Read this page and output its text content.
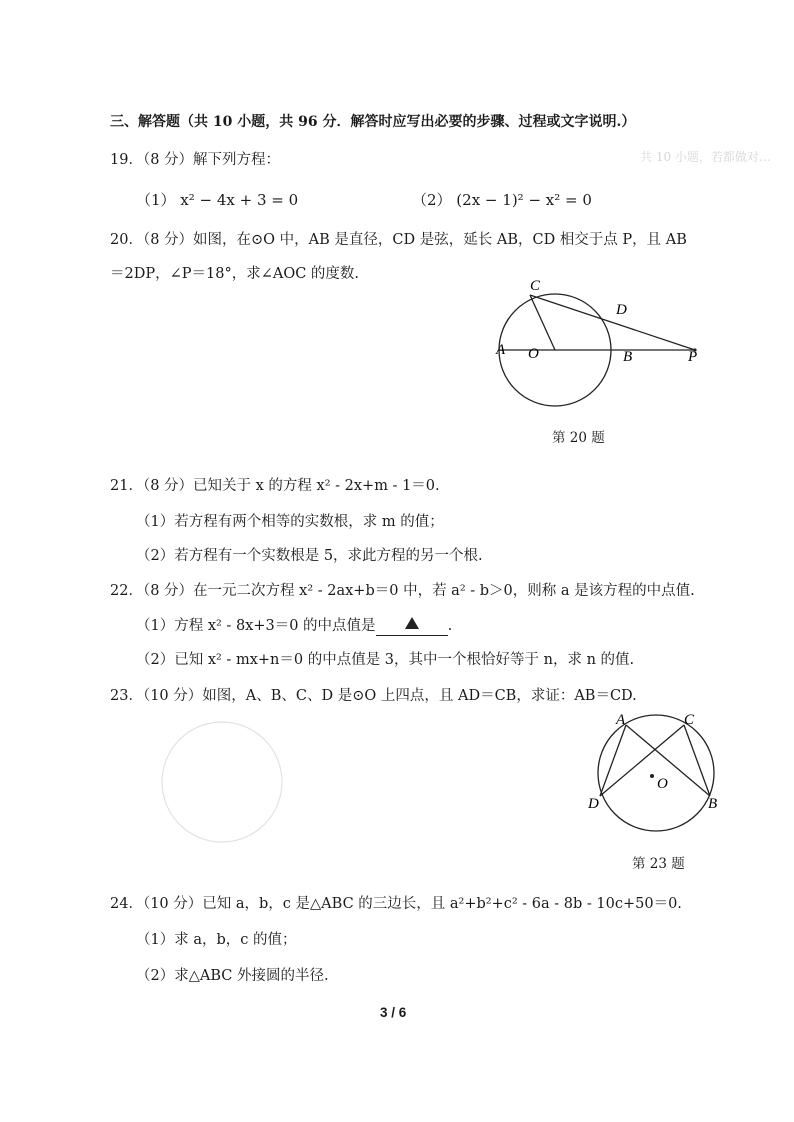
共 10 小题，若都做对…
三、解答题（共 10 小题，共 96 分．解答时应写出必要的步骤、过程或文字说明.）
19．（8 分）解下列方程：
（1） x² − 4x + 3 = 0	（2） (2x − 1)² − x² = 0
20．（8 分）如图，在⊙O 中，AB 是直径，CD 是弦，延长 AB，CD 相交于点 P，且 AB
＝2DP，∠P＝18°，求∠AOC 的度数.
C
D
A O	B	P
第 20 题
21．（8 分）已知关于 x 的方程 x² - 2x+m - 1＝0.
（1）若方程有两个相等的实数根，求 m 的值；
（2）若方程有一个实数根是 5，求此方程的另一个根.
22．（8 分）在一元二次方程 x² - 2ax+b＝0 中，若 a² - b＞0，则称 a 是该方程的中点值.
（1）方程 x² - 8x+3＝0 的中点值是	.
（2）已知 x² - mx+n＝0 的中点值是 3，其中一个根恰好等于 n，求 n 的值.
23．（10 分）如图，A、B、C、D 是⊙O 上四点，且 AD＝CB，求证：AB＝CD.
A	C
O
D	B
第 23 题
24．（10 分）已知 a，b，c 是△ABC 的三边长，且 a²+b²+c² - 6a - 8b - 10c+50＝0.
（1）求 a，b，c 的值；
（2）求△ABC 外接圆的半径.
3 / 6
